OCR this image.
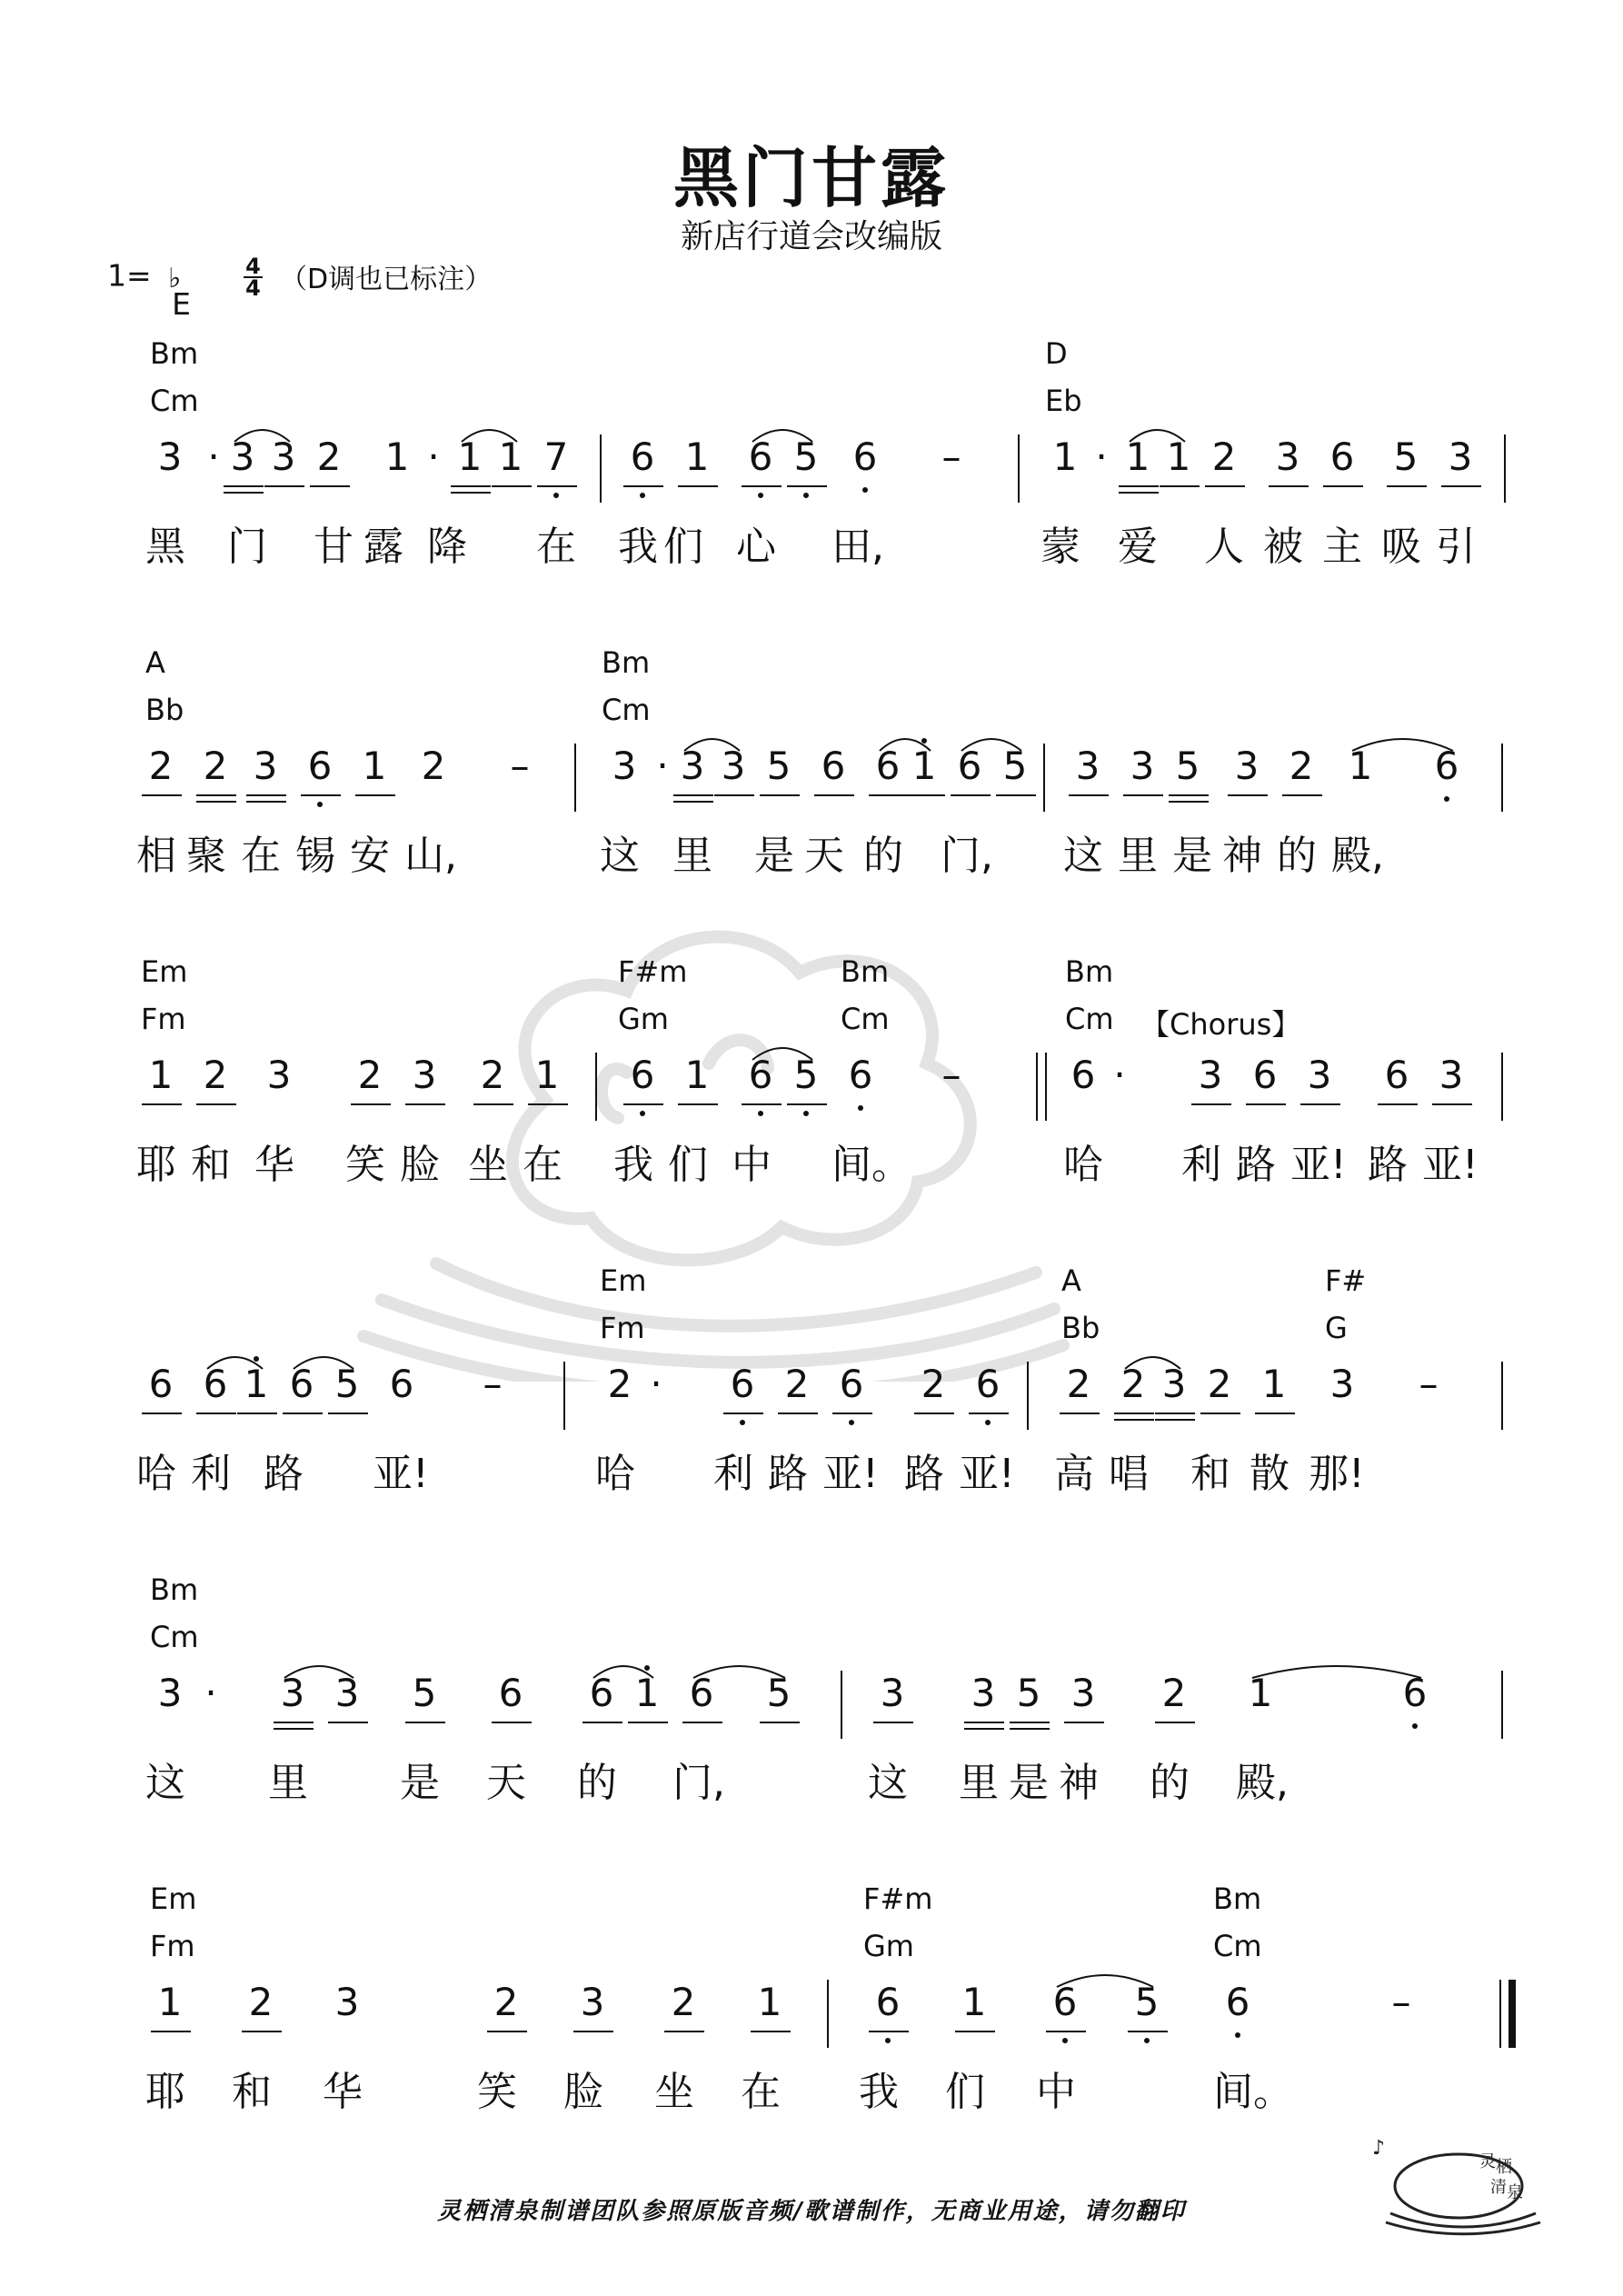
黑门甘露
新店行道会改编版
1= ♭
E

$\frac{4}{4} (D$调也已标注）
Bm
Cm
D
Eb
3 · 3 3 2 1 · 1 1 7 6 1 6 5 6 – 1 · 1 1 2 3 6 5 3
黑 门 甘 露 降 在 我 们 心 田,	蒙 爱 人 被 主 吸 引
A
Bb
Bm
Cm
2 2 3 6 1 2 – 3 · 3 3 5 6 6 1 6 5 3 3 5 3 2 1 6
相 聚 在 锡 安 山,	这 里 是 天 的 门, 这 里 是 神 的 殿,
Em
Fm
F#m
Gm
Bm
Cm
Bm
Cm 【Chorus】
1 2 3 2 3 2 1 6 1 6 5 6 –	6 · 3 6 3 6 3
耶 和 华 笑 脸 坐 在 我 们 中 间。	哈 利 路 亚! 路 亚!
Em
Fm
A
Bb
F#
G
6 6 1 6 5 6 –	2 · 6 2 6 2 6 2 2 3 2 1 3 –
哈 利 路 亚!	哈 利 路 亚! 路 亚! 高 唱 和 散 那!
Bm
Cm
3 · 3 3 5 6 6 1 6 5 3 3 5 3 2 1	6
这 里 是 天 的 门,	这 里 是 神 的 殿,
Em
Fm
F#m
Gm
Bm
Cm
1 2 3	2 3 2 1 6 1 6 5 6	–
耶 和 华	笑 脸 坐 在 我 们 中	间。
灵栖清泉制谱团队参照原版音频/歌谱制作，无商业用途，请勿翻印
♪
灵 栖
清 泉
